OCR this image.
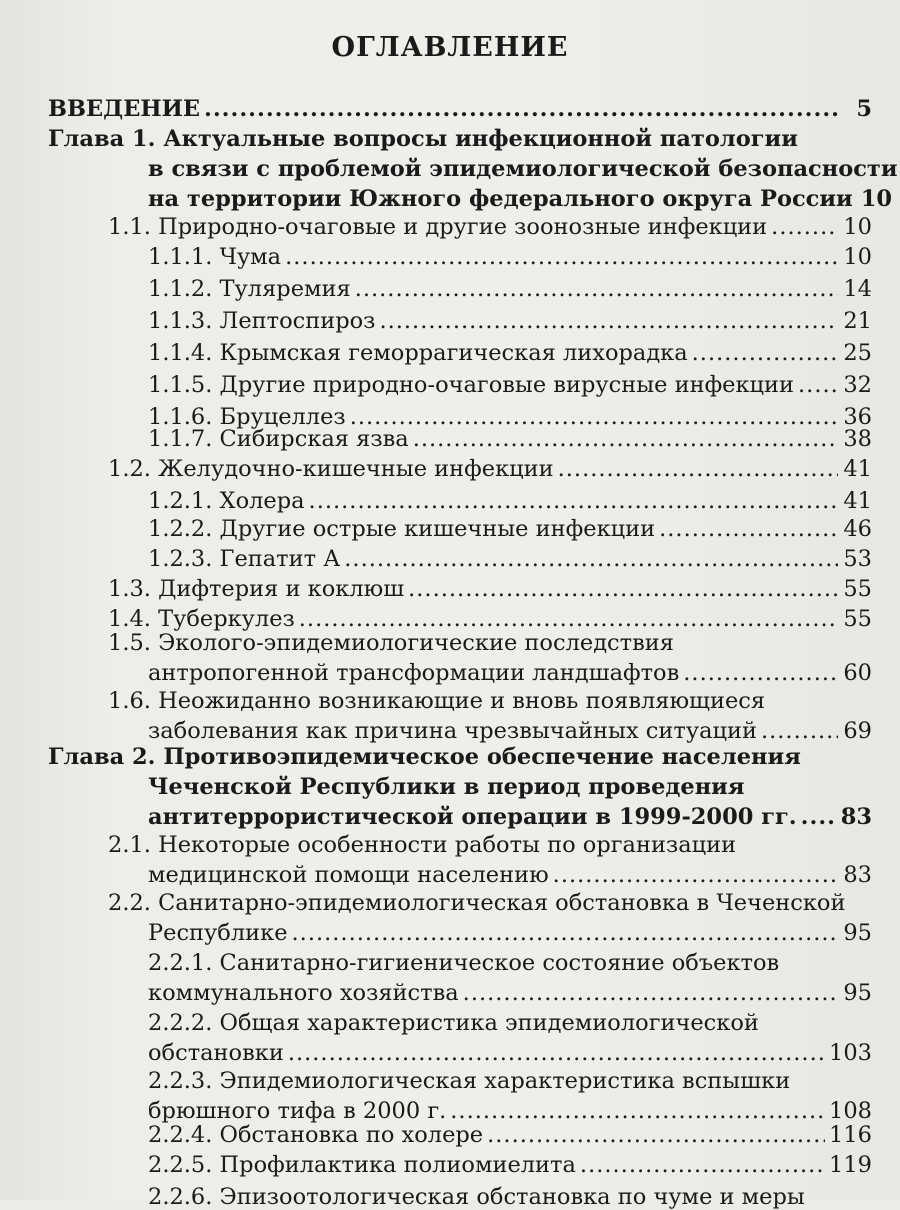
ОГЛАВЛЕНИЕ
ВВЕДЕНИЕ .....	5
Глава 1. Актуальные вопросы инфекционной патологии
в связи с проблемой эпидемиологической безопасности
на территории Южного федерального округа России 10
1.1. Природно-очаговые и другие зоонозные инфекции .....	10
1.1.1. Чума .....	10
1.1.2. Туляремия .....	14
1.1.3. Лептоспироз .....	21
1.1.4. Крымская геморрагическая лихорадка .....	25
1.1.5. Другие природно-очаговые вирусные инфекции ..... 32
1.1.6. Бруцеллез .....	36
1.1.7. Сибирская язва .....	38
1.2. Желудочно-кишечные инфекции .....	41
1.2.1. Холера .....	41
1.2.2. Другие острые кишечные инфекции .....	46
1.2.3. Гепатит А .....	53
1.3. Дифтерия и коклюш .....	55
1.4. Туберкулез .....	55
1.5. Эколого-эпидемиологические последствия
антропогенной трансформации ландшафтов .....	60
1.6. Неожиданно возникающие и вновь появляющиеся
заболевания как причина чрезвычайных ситуаций .....	69
Глава 2. Противоэпидемическое обеспечение населения
Чеченской Республики в период проведения
антитеррористической операции в 1999-2000 гг. ..... 83
2.1. Некоторые особенности работы по организации
медицинской помощи населению .....	83
2.2. Санитарно-эпидемиологическая обстановка в Чеченской
Республике .....	95
2.2.1. Санитарно-гигиеническое состояние объектов
коммунального хозяйства .....	95
2.2.2. Общая характеристика эпидемиологической
обстановки .....	103
2.2.3. Эпидемиологическая характеристика вспышки
брюшного тифа в 2000 г. .....	108
2.2.4. Обстановка по холере .....	116
2.2.5. Профилактика полиомиелита .....	119
2.2.6. Эпизоотологическая обстановка по чуме и меры
